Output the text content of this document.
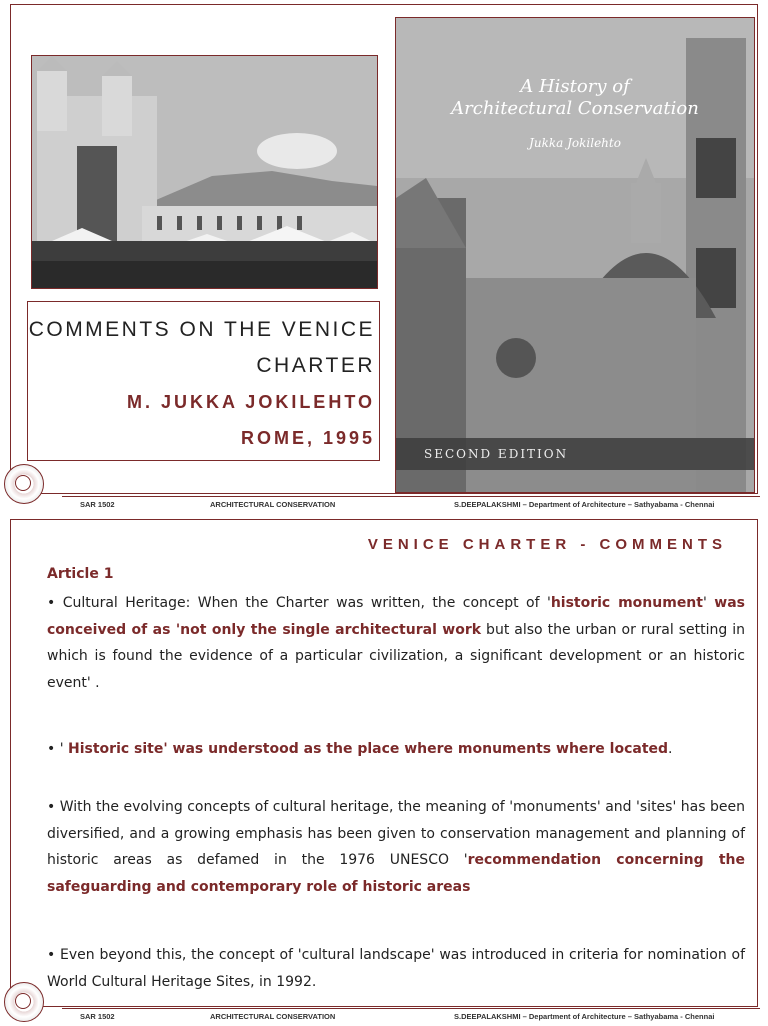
A History of
Architectural Conservation
Jukka Jokilehto
SECOND EDITION
COMMENTS ON THE VENICE
CHARTER
M. JUKKA JOKILEHTO
ROME, 1995
SAR 1502	ARCHITECTURAL CONSERVATION	S.DEEPALAKSHMI – Department of Architecture – Sathyabama - Chennai
VENICE CHARTER - COMMENTS
Article 1
• Cultural Heritage: When the Charter was written, the concept of 'historic monument' was conceived of as 'not only the single architectural work but also the urban or rural setting in which is found the evidence of a particular civilization, a significant development or an historic event' .
• ' Historic site' was understood as the place where monuments where located.
• With the evolving concepts of cultural heritage, the meaning of 'monuments' and 'sites' has been diversified, and a growing emphasis has been given to conservation management and planning of historic areas as defamed in the 1976 UNESCO 'recommendation concerning the safeguarding and contemporary role of historic areas
• Even beyond this, the concept of 'cultural landscape' was introduced in criteria for nomination of World Cultural Heritage Sites, in 1992.
SAR 1502	ARCHITECTURAL CONSERVATION	S.DEEPALAKSHMI – Department of Architecture – Sathyabama - Chennai
